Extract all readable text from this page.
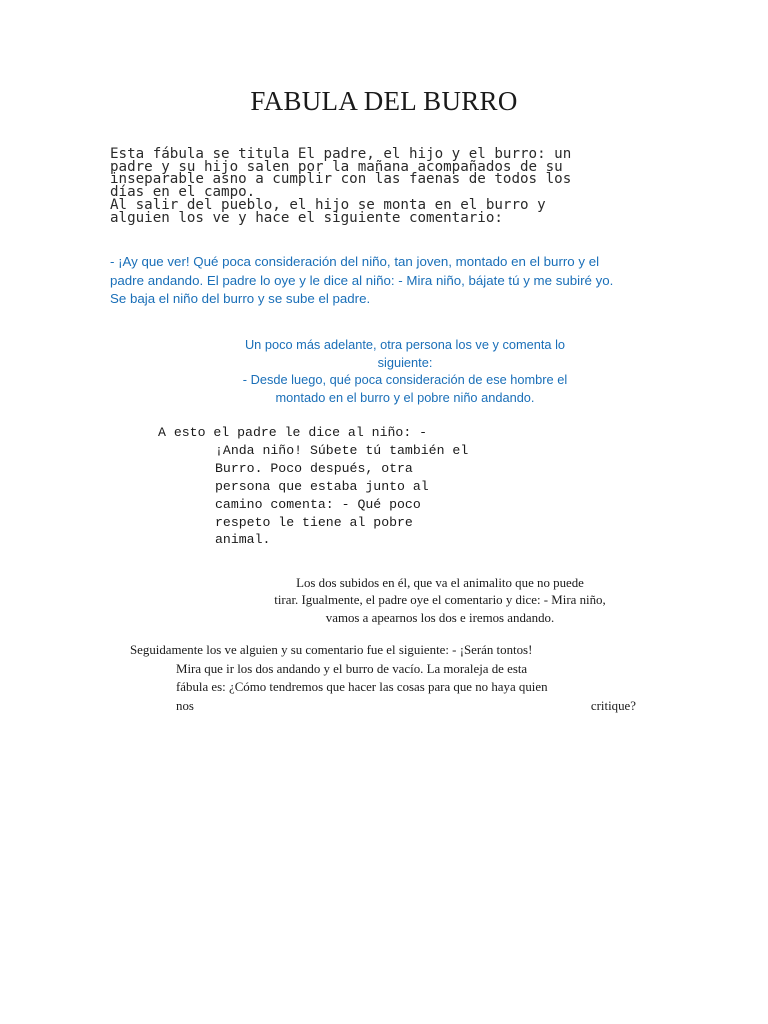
FABULA DEL BURRO
Esta fábula se titula El padre, el hijo y el burro: un
padre y su hijo salen por la mañana acompañados de su
inseparable asno a cumplir con las faenas de todos los
días en el campo.
Al salir del pueblo, el hijo se monta en el burro y
alguien los ve y hace el siguiente comentario:
- ¡Ay que ver! Qué poca consideración del niño, tan joven, montado en el burro y el
padre andando. El padre lo oye y le dice al niño: - Mira niño, bájate tú y me subiré yo.
Se baja el niño del burro y se sube el padre.
Un poco más adelante, otra persona los ve y comenta lo
siguiente:
- Desde luego, qué poca consideración de ese hombre el
montado en el burro y el pobre niño andando.
A esto el padre le dice al niño: -
¡Anda niño! Súbete tú también el
Burro. Poco después, otra
persona que estaba junto al
camino comenta: - Qué poco
respeto le tiene al pobre
animal.
Los dos subidos en él, que va el animalito que no puede
tirar. Igualmente, el padre oye el comentario y dice: - Mira niño,
vamos a apearnos los dos e iremos andando.
Seguidamente los ve alguien y su comentario fue el siguiente: - ¡Serán tontos!
Mira que ir los dos andando y el burro de vacío. La moraleja de esta
fábula es: ¿Cómo tendremos que hacer las cosas para que no haya quien
nos	critique?
